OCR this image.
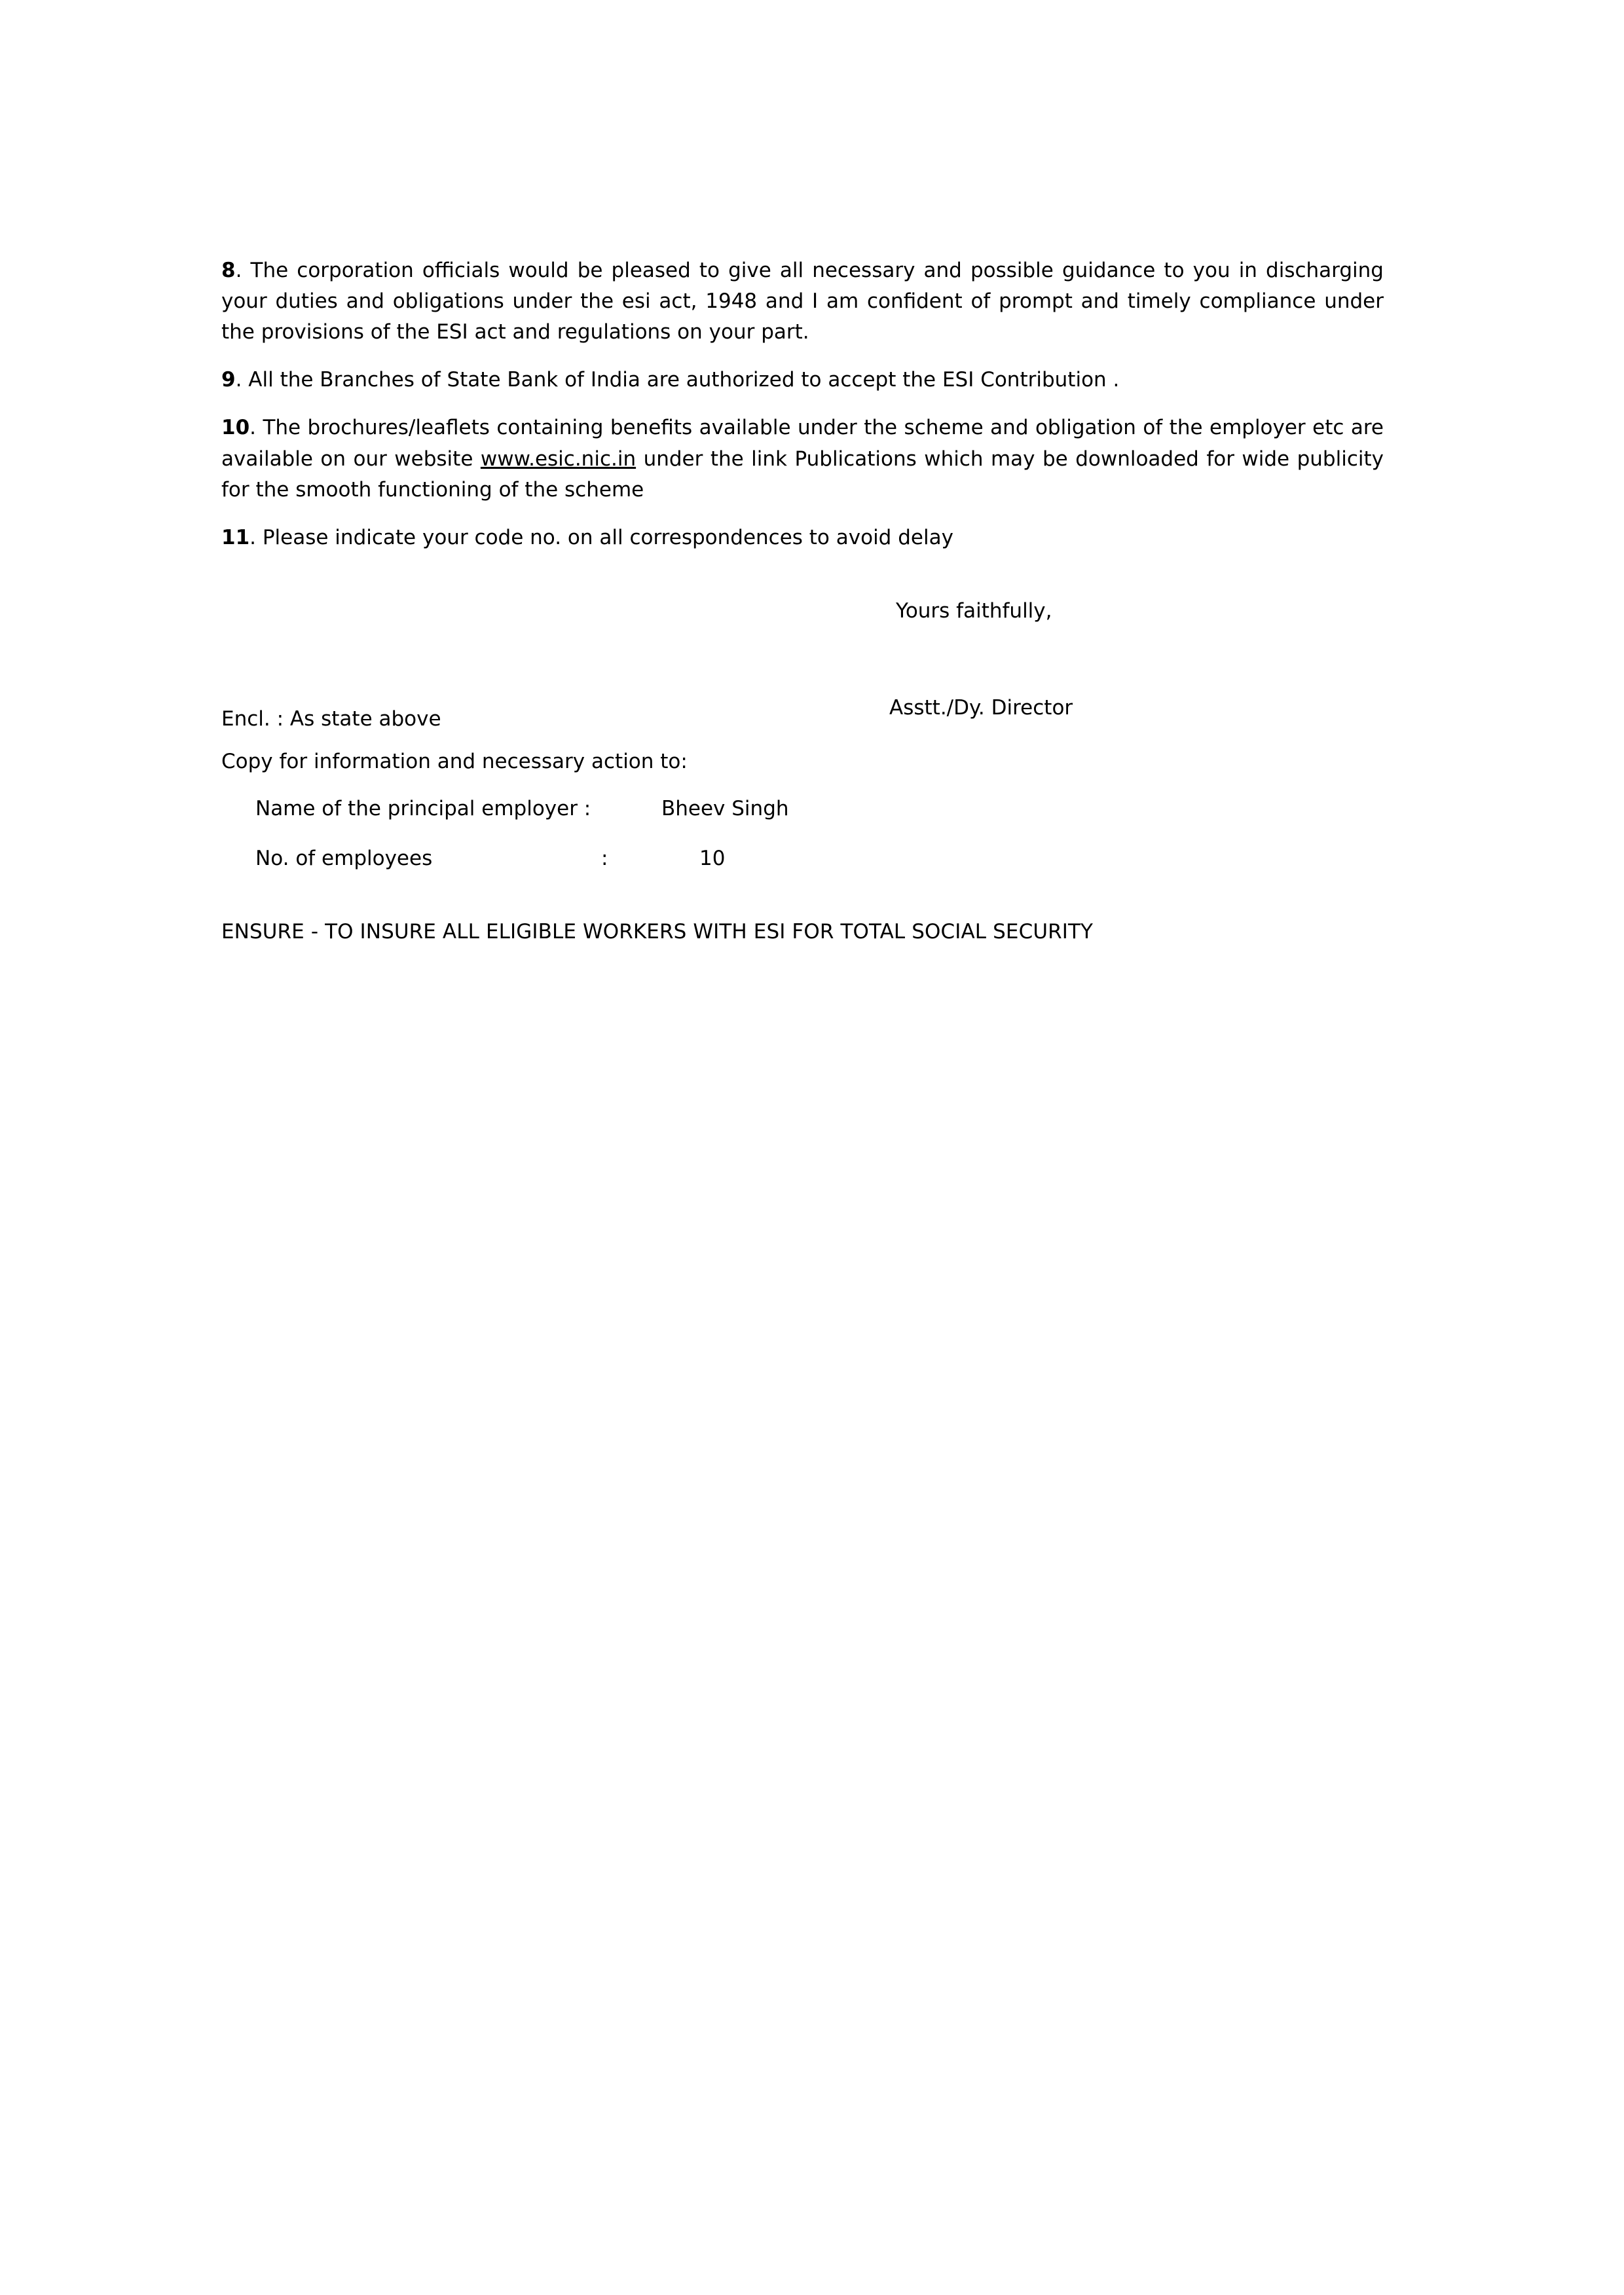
8. The corporation officials would be pleased to give all necessary and possible guidance to you in discharging your duties and obligations under the esi act, 1948 and I am confident of prompt and timely compliance under the provisions of the ESI act and regulations on your part.

9. All the Branches of State Bank of India are authorized to accept the ESI Contribution .

10. The brochures/leaflets containing benefits available under the scheme and obligation of the employer etc are available on our website www.esic.nic.in under the link Publications which may be downloaded for wide publicity for the smooth functioning of the scheme

11. Please indicate your code no. on all correspondences to avoid delay

Yours faithfully,
Asstt./Dy. Director
Encl. : As state above
Copy for information and necessary action to:
Name of the principal employer :	Bheev Singh
No. of employees	:	10
ENSURE - TO INSURE ALL ELIGIBLE WORKERS WITH ESI FOR TOTAL SOCIAL SECURITY
